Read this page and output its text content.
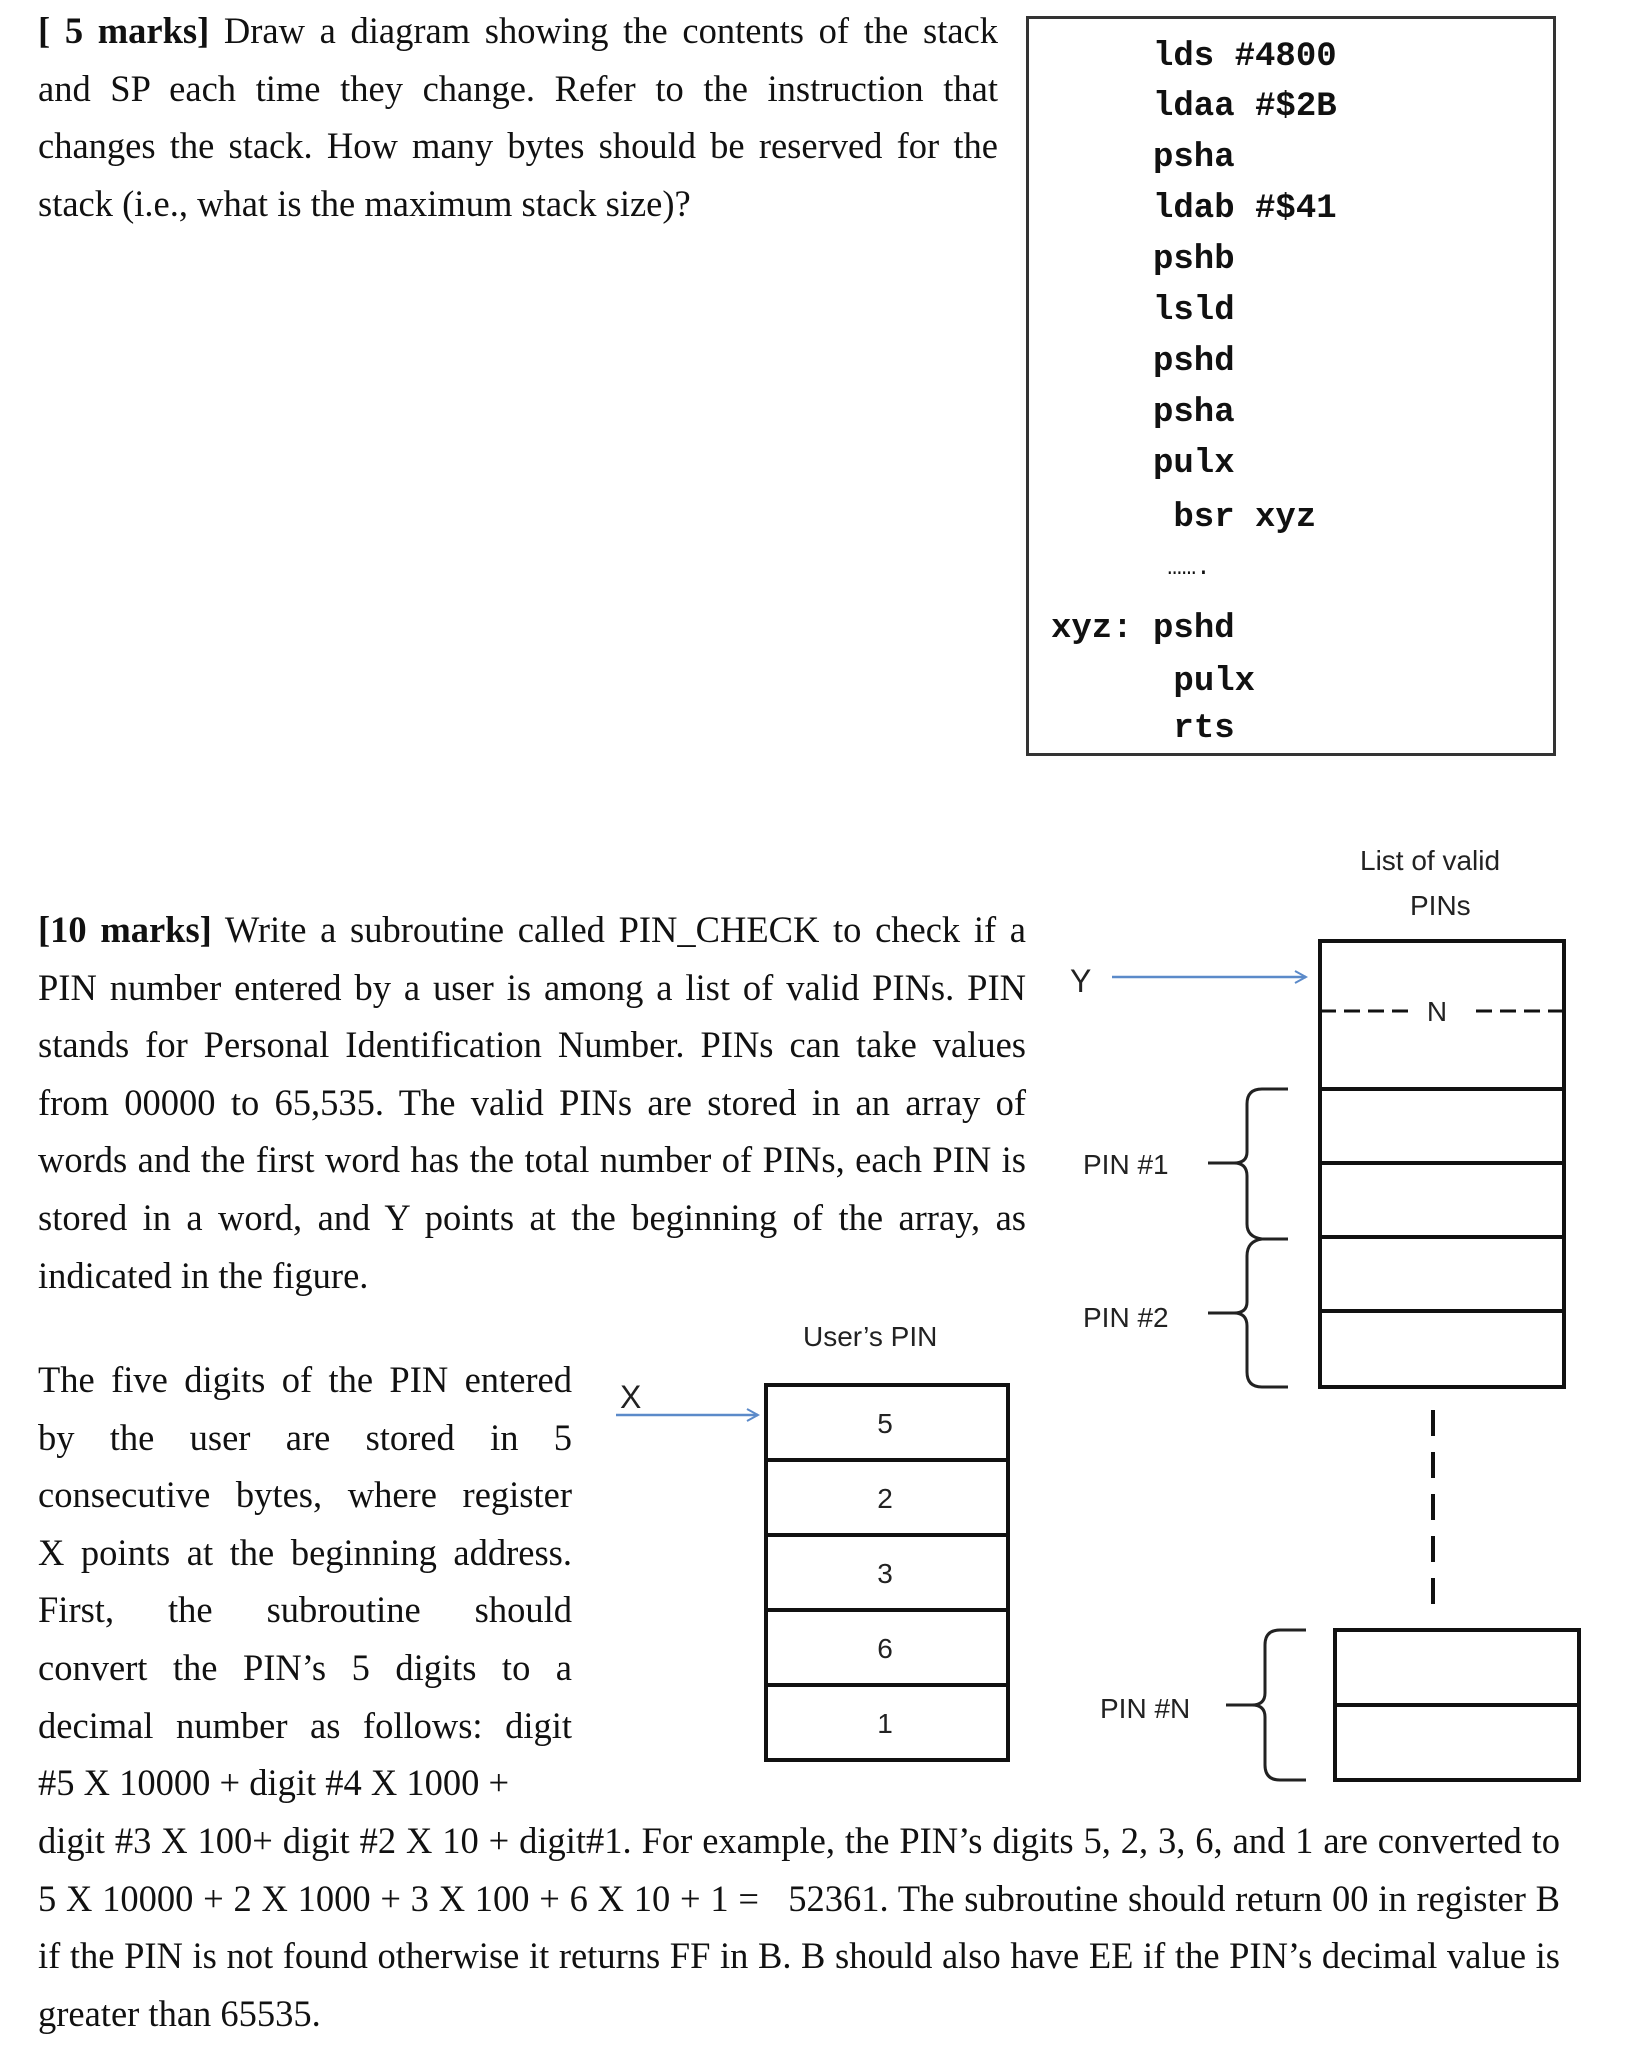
[ 5 marks] Draw a diagram showing the contents of the stack and SP each time they change. Refer to the instruction that changes the stack. How many bytes should be reserved for the stack (i.e., what is the maximum stack size)?
lds #4800
ldaa #$2B
psha
ldab #$41
pshb
lsld
pshd
psha
pulx
bsr xyz
…….
xyz: pshd
pulx
rts
[10 marks] Write a subroutine called PIN_CHECK to check if a PIN number entered by a user is among a list of valid PINs. PIN stands for Personal Identification Number. PINs can take values from 00000 to 65,535. The valid PINs are stored in an array of words and the first word has the total number of PINs, each PIN is stored in a word, and Y points at the beginning of the array, as indicated in the figure.
The five digits of the PIN entered
by the user are stored in 5
consecutive bytes, where register
X points at the beginning address.
First, the subroutine should
convert the PIN’s 5 digits to a
decimal number as follows: digit
#5 X 10000 + digit #4 X 1000 +
digit #3 X 100+ digit #2 X 10 + digit#1. For example, the PIN’s digits 5, 2, 3, 6, and 1 are converted to 5 X 10000 + 2 X 1000 + 3 X 100 + 6 X 10 + 1 =   52361. The subroutine should return 00 in register B if the PIN is not found otherwise it returns FF in B. B should also have EE if the PIN’s decimal value is greater than 65535.
List of valid
PINs
Y
PIN #1
PIN #2
PIN #N
User’s PIN
X
N
5
2
3
6
1
